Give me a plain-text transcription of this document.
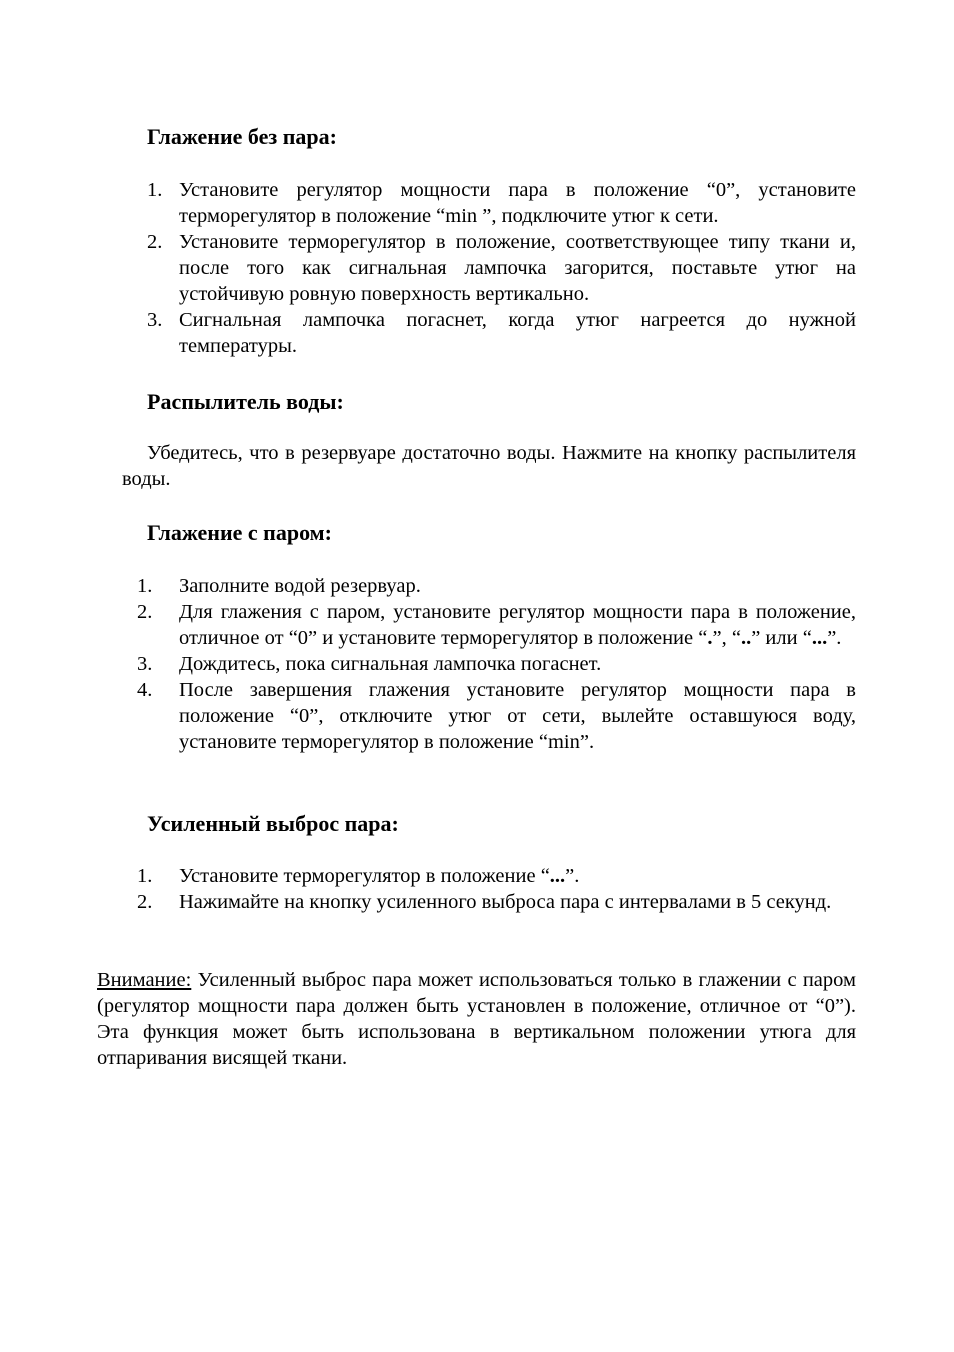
Глажение без пара:
1. Установите регулятор мощности пара в положение “0”, установите терморегулятор в положение “min ”, подключите утюг к сети.
2. Установите терморегулятор в положение, соответствующее типу ткани и, после того как сигнальная лампочка загорится, поставьте утюг на устойчивую ровную поверхность вертикально.
3. Сигнальная лампочка погаснет, когда утюг нагреется до нужной температуры.
Распылитель воды:

Убедитесь, что в резервуаре достаточно воды. Нажмите на кнопку распылителя воды.

Глажение с паром:
1.	Заполните водой резервуар.
2.	Для глажения с паром, установите регулятор мощности пара в положение, отличное от “0” и установите терморегулятор в положение “.”, “..” или “...”.
3.	Дождитесь, пока сигнальная лампочка погаснет.
4.	После завершения глажения установите регулятор мощности пара в положение “0”, отключите утюг от сети, вылейте оставшуюся воду, установите терморегулятор в положение “min”.
Усиленный выброс пара:
1.	Установите терморегулятор в положение “...”.
2.	Нажимайте на кнопку усиленного выброса пара с интервалами в 5 секунд.

Внимание: Усиленный выброс пара может использоваться только в глажении с паром (регулятор мощности пара должен быть установлен в положение, отличное от “0”). Эта функция может быть использована в вертикальном положении утюга для отпаривания висящей ткани.
